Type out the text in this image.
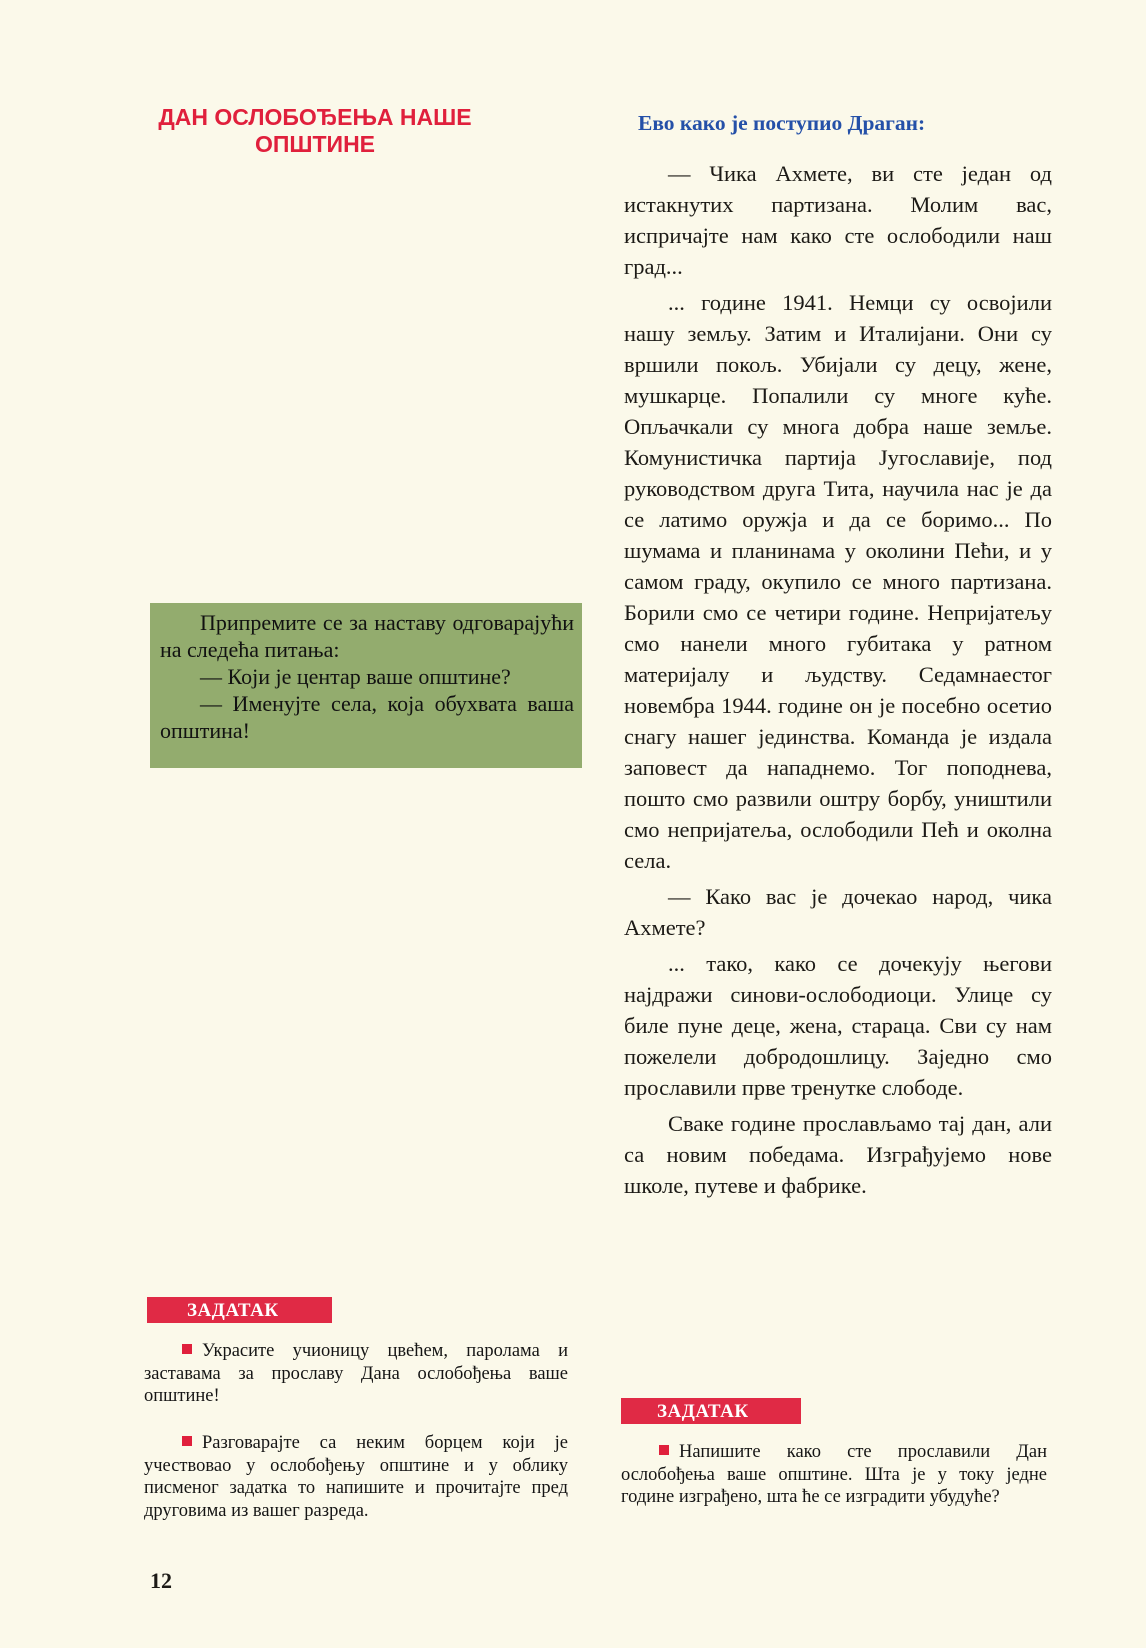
ДАН ОСЛОБОЂЕЊА НАШЕ ОПШТИНЕ

Припремите се за наставу одговарајући на следећа питања:

— Који је центар ваше општине?

— Именујте села, која обухвата ваша општина!

ЗАДАТАК

Украсите учионицу цвећем, паролама и заставама за прославу Дана ослобођења ваше општине!

Разговарајте са неким борцем који је учествовао у ослобођењу општине и у облику писменог задатка то напишите и прочитајте пред друговима из вашег разреда.

12
Ево како је поступио Драган:

— Чика Ахмете, ви сте један од истакнутих партизана. Молим вас, испричајте нам како сте ослободили наш град...

... године 1941. Немци су освојили нашу земљу. Затим и Италијани. Они су вршили покољ. Убијали су децу, жене, мушкарце. Попалили су многе куће. Опљачкали су многа добра наше земље. Комунистичка партија Југославије, под руководством друга Тита, научила нас је да се латимо оружја и да се боримо... По шумама и планинама у околини Пећи, и у самом граду, окупило се много партизана. Борили смо се четири године. Непријатељу смо нанели много губитака у ратном материјалу и људству. Седамнаестог новембра 1944. године он је посебно осетио снагу нашег јединства. Команда је издала заповест да нападнемо. Тог поподнева, пошто смо развили оштру борбу, уништили смо непријатеља, ослободили Пећ и околна села.

— Како вас је дочекао народ, чика Ахмете?

... тако, како се дочекују његови најдражи синови-ослободиоци. Улице су биле пуне деце, жена, стараца. Сви су нам пожелели добродошлицу. Заједно смо прославили прве тренутке слободе.

Сваке године прослављамо тај дан, али са новим победама. Изграђујемо нове школе, путеве и фабрике.

ЗАДАТАК

Напишите како сте прославили Дан ослобођења ваше општине. Шта је у току једне године изграђено, шта ће се изградити убудуће?
